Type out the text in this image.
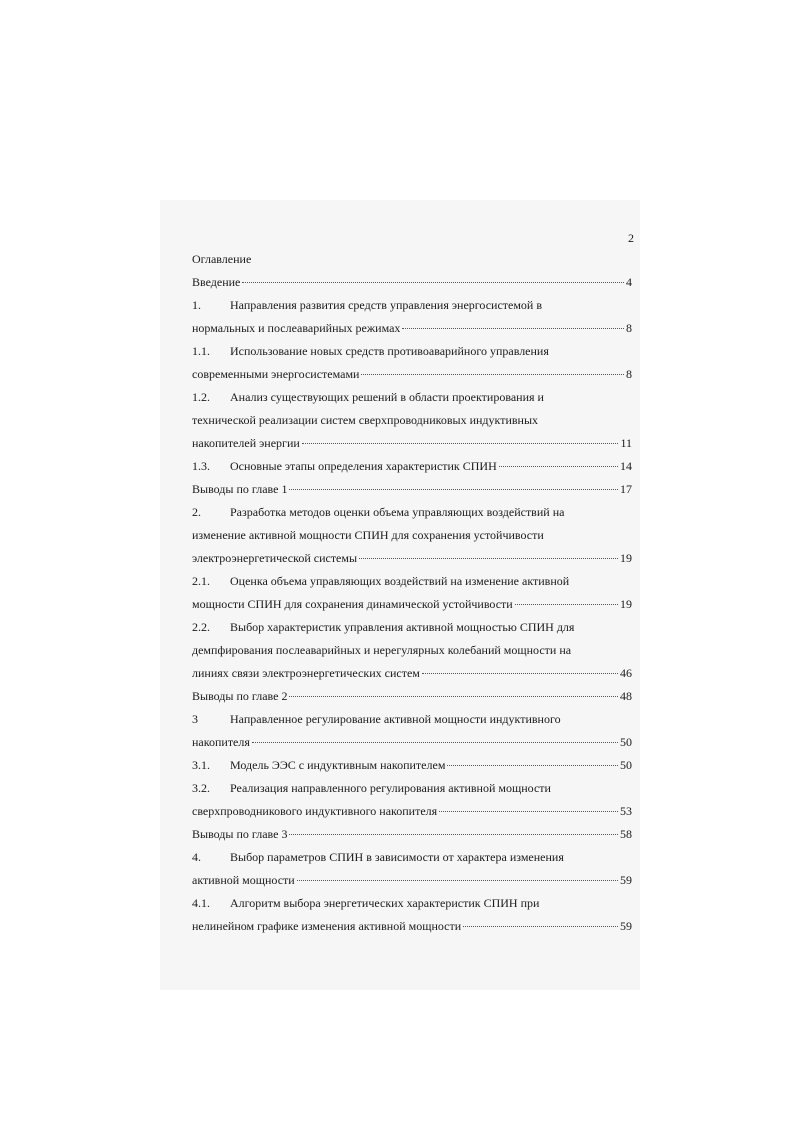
2
Оглавление
Введение	4
1. Направления развития средств управления энергосистемой в
нормальных и послеаварийных режимах	8
1.1. Использование новых средств противоаварийного управления
современными энергосистемами	8
1.2. Анализ существующих решений в области проектирования и
технической реализации систем сверхпроводниковых индуктивных
накопителей энергии	11
1.3. Основные этапы определения характеристик СПИН	14
Выводы по главе 1	17
2. Разработка методов оценки объема управляющих воздействий на
изменение активной мощности СПИН для сохранения устойчивости
электроэнергетической системы	19
2.1. Оценка объема управляющих воздействий на изменение активной
мощности СПИН для сохранения динамической устойчивости	19
2.2. Выбор характеристик управления активной мощностью СПИН для
демпфирования послеаварийных и нерегулярных колебаний мощности на
линиях связи электроэнергетических систем	46
Выводы по главе 2	48
3	Направленное регулирование активной мощности индуктивного
накопителя	50
3.1. Модель ЭЭС с индуктивным накопителем	50
3.2. Реализация направленного регулирования активной мощности
сверхпроводникового индуктивного накопителя	53
Выводы по главе 3	58
4. Выбор параметров СПИН в зависимости от характера изменения
активной мощности	59
4.1. Алгоритм выбора энергетических характеристик СПИН при
нелинейном графике изменения активной мощности	59
